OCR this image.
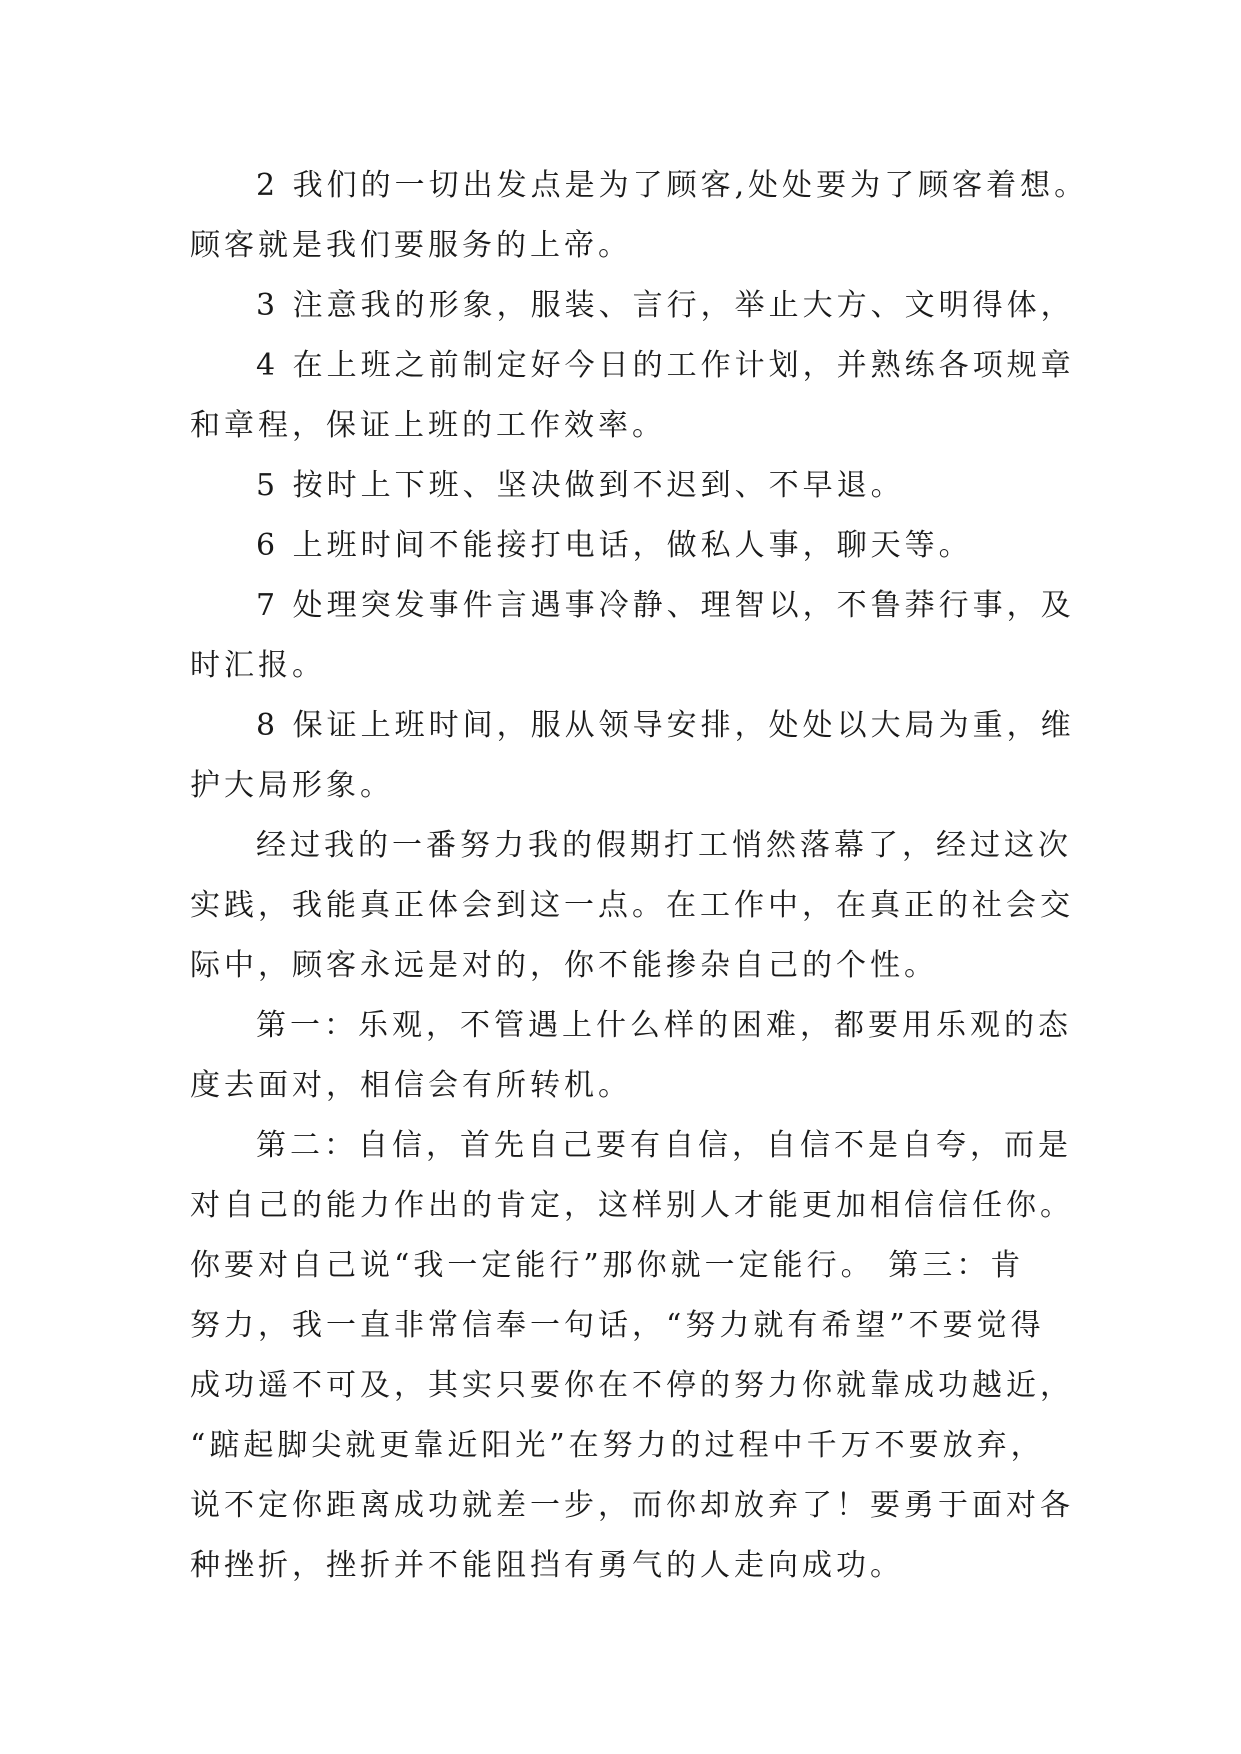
2 我们的一切出发点是为了顾客,处处要为了顾客着想。
顾客就是我们要服务的上帝。
3 注意我的形象，服装、言行，举止大方、文明得体，
4 在上班之前制定好今日的工作计划，并熟练各项规章
和章程，保证上班的工作效率。
5 按时上下班、坚决做到不迟到、不早退。
6 上班时间不能接打电话，做私人事，聊天等。
7 处理突发事件言遇事冷静、理智以，不鲁莽行事，及
时汇报。
8 保证上班时间，服从领导安排，处处以大局为重，维
护大局形象。
经过我的一番努力我的假期打工悄然落幕了，经过这次
实践，我能真正体会到这一点。在工作中，在真正的社会交
际中，顾客永远是对的，你不能掺杂自己的个性。
第一：乐观，不管遇上什么样的困难，都要用乐观的态
度去面对，相信会有所转机。
第二：自信，首先自己要有自信，自信不是自夸，而是
对自己的能力作出的肯定，这样别人才能更加相信信任你。
你要对自己说“我一定能行”那你就一定能行。 第三：肯
努力，我一直非常信奉一句话，“努力就有希望”不要觉得
成功遥不可及，其实只要你在不停的努力你就靠成功越近，
“踮起脚尖就更靠近阳光”在努力的过程中千万不要放弃，
说不定你距离成功就差一步，而你却放弃了！要勇于面对各
种挫折，挫折并不能阻挡有勇气的人走向成功。
